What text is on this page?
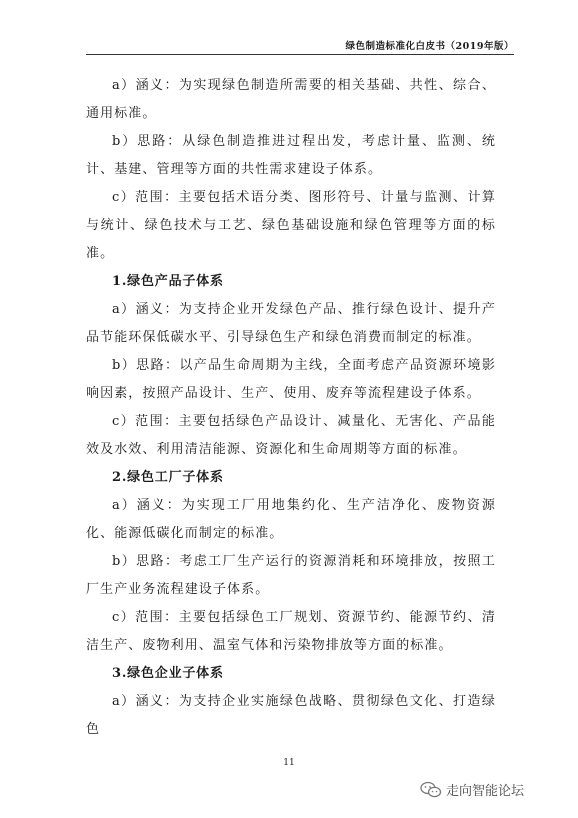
绿色制造标准化白皮书（2019年版）

a）涵义：为实现绿色制造所需要的相关基础、共性、综合、通用标准。

b）思路：从绿色制造推进过程出发，考虑计量、监测、统计、基建、管理等方面的共性需求建设子体系。

c）范围：主要包括术语分类、图形符号、计量与监测、计算与统计、绿色技术与工艺、绿色基础设施和绿色管理等方面的标准。

1.绿色产品子体系

a）涵义：为支持企业开发绿色产品、推行绿色设计、提升产品节能环保低碳水平、引导绿色生产和绿色消费而制定的标准。

b）思路：以产品生命周期为主线，全面考虑产品资源环境影响因素，按照产品设计、生产、使用、废弃等流程建设子体系。

c）范围：主要包括绿色产品设计、减量化、无害化、产品能效及水效、利用清洁能源、资源化和生命周期等方面的标准。

2.绿色工厂子体系

a）涵义：为实现工厂用地集约化、生产洁净化、废物资源化、能源低碳化而制定的标准。

b）思路：考虑工厂生产运行的资源消耗和环境排放，按照工厂生产业务流程建设子体系。

c）范围：主要包括绿色工厂规划、资源节约、能源节约、清洁生产、废物利用、温室气体和污染物排放等方面的标准。

3.绿色企业子体系

a）涵义：为支持企业实施绿色战略、贯彻绿色文化、打造绿色

11
走向智能论坛
